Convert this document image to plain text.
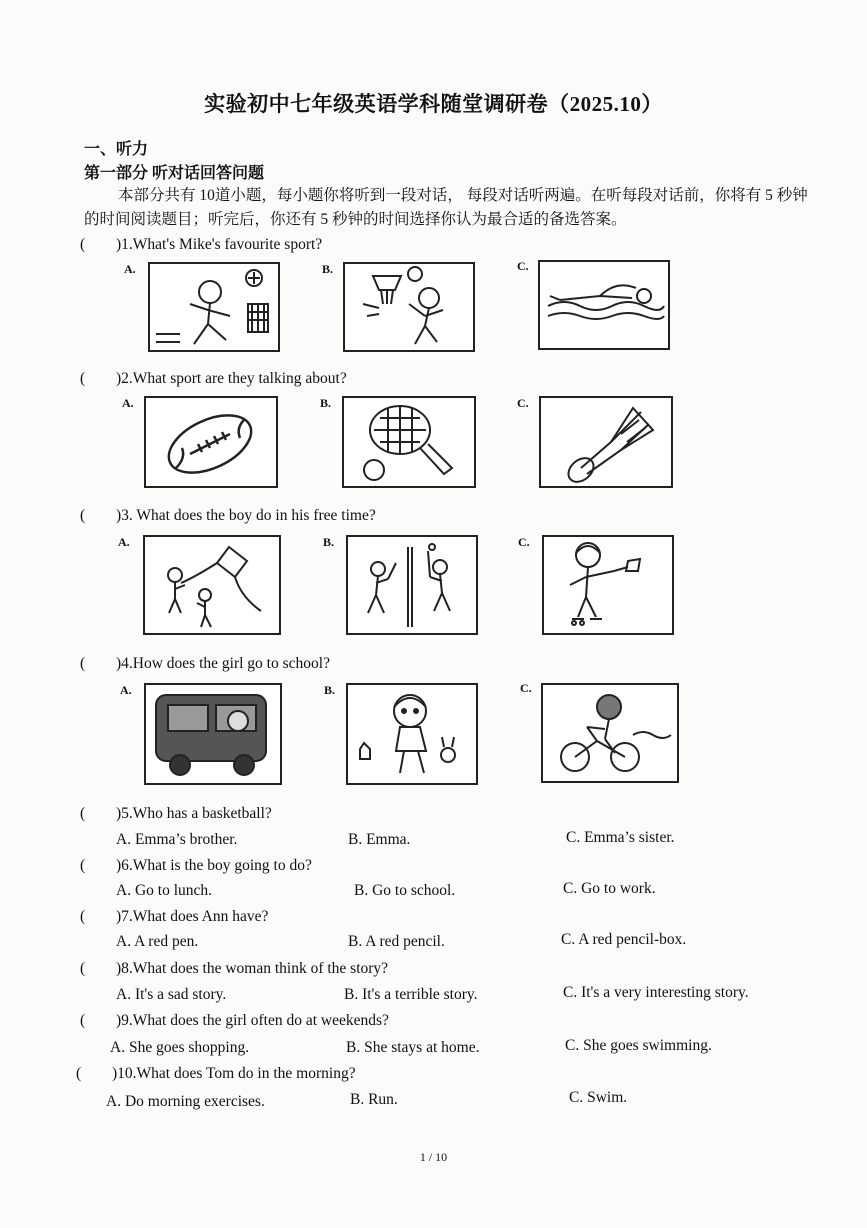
实验初中七年级英语学科随堂调研卷（2025.10）
一、听力
第一部分 听对话回答问题
本部分共有 10道小题，每小题你将听到一段对话， 每段对话听两遍。在听每段对话前，你将有 5 秒钟的时间阅读题目；听完后，你还有 5 秒钟的时间选择你认为最合适的备选答案。
( )1.What's Mike's favourite sport?
A.	B.	C.
( )2.What sport are they talking about?
A.	B.	C.
( )3. What does the boy do in his free time?
A.	B.	C.
( )4.How does the girl go to school?
A.	B.	C.
( )5.Who has a basketball?
A. Emma’s brother.	B. Emma.	C. Emma’s sister.
( )6.What is the boy going to do?
A. Go to lunch.	B. Go to school.	C. Go to work.
( )7.What does Ann have?
A. A red pen.	B. A red pencil.	C. A red pencil-box.
( )8.What does the woman think of the story?
A. It's a sad story.	B. It's a terrible story.	C. It's a very interesting story.
( )9.What does the girl often do at weekends?
A. She goes shopping.	B. She stays at home.	C. She goes swimming.
( )10.What does Tom do in the morning?
A. Do morning exercises.	B. Run.	C. Swim.
1 / 10
